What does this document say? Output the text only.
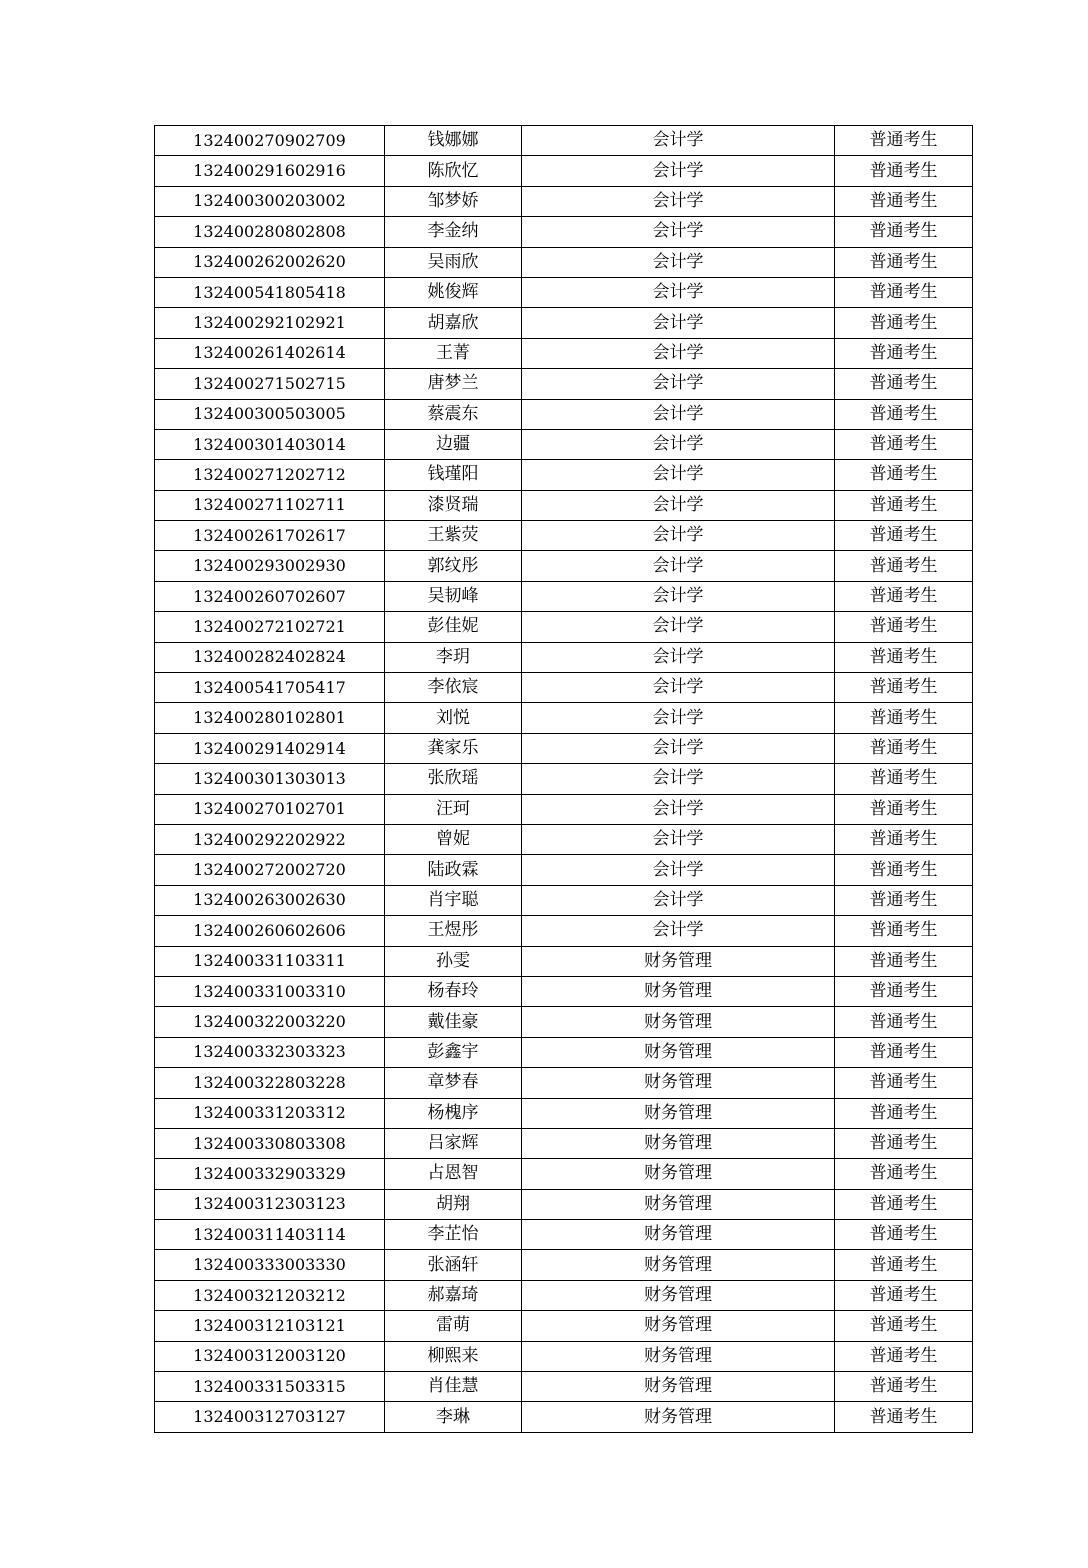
132400270902709	钱娜娜	会计学	普通考生
132400291602916	陈欣忆	会计学	普通考生
132400300203002	邹梦娇	会计学	普通考生
132400280802808	李金纳	会计学	普通考生
132400262002620	吴雨欣	会计学	普通考生
132400541805418	姚俊辉	会计学	普通考生
132400292102921	胡嘉欣	会计学	普通考生
132400261402614	王菁	会计学	普通考生
132400271502715	唐梦兰	会计学	普通考生
132400300503005	蔡震东	会计学	普通考生
132400301403014	边疆	会计学	普通考生
132400271202712	钱瑾阳	会计学	普通考生
132400271102711	漆贤瑞	会计学	普通考生
132400261702617	王紫荧	会计学	普通考生
132400293002930	郭纹彤	会计学	普通考生
132400260702607	吴韧峰	会计学	普通考生
132400272102721	彭佳妮	会计学	普通考生
132400282402824	李玥	会计学	普通考生
132400541705417	李依宸	会计学	普通考生
132400280102801	刘悦	会计学	普通考生
132400291402914	龚家乐	会计学	普通考生
132400301303013	张欣瑶	会计学	普通考生
132400270102701	汪珂	会计学	普通考生
132400292202922	曾妮	会计学	普通考生
132400272002720	陆政霖	会计学	普通考生
132400263002630	肖宇聪	会计学	普通考生
132400260602606	王煜彤	会计学	普通考生
132400331103311	孙雯	财务管理	普通考生
132400331003310	杨春玲	财务管理	普通考生
132400322003220	戴佳豪	财务管理	普通考生
132400332303323	彭鑫宇	财务管理	普通考生
132400322803228	章梦春	财务管理	普通考生
132400331203312	杨槐序	财务管理	普通考生
132400330803308	吕家辉	财务管理	普通考生
132400332903329	占恩智	财务管理	普通考生
132400312303123	胡翔	财务管理	普通考生
132400311403114	李芷怡	财务管理	普通考生
132400333003330	张涵轩	财务管理	普通考生
132400321203212	郝嘉琦	财务管理	普通考生
132400312103121	雷萌	财务管理	普通考生
132400312003120	柳熙来	财务管理	普通考生
132400331503315	肖佳慧	财务管理	普通考生
132400312703127	李琳	财务管理	普通考生
